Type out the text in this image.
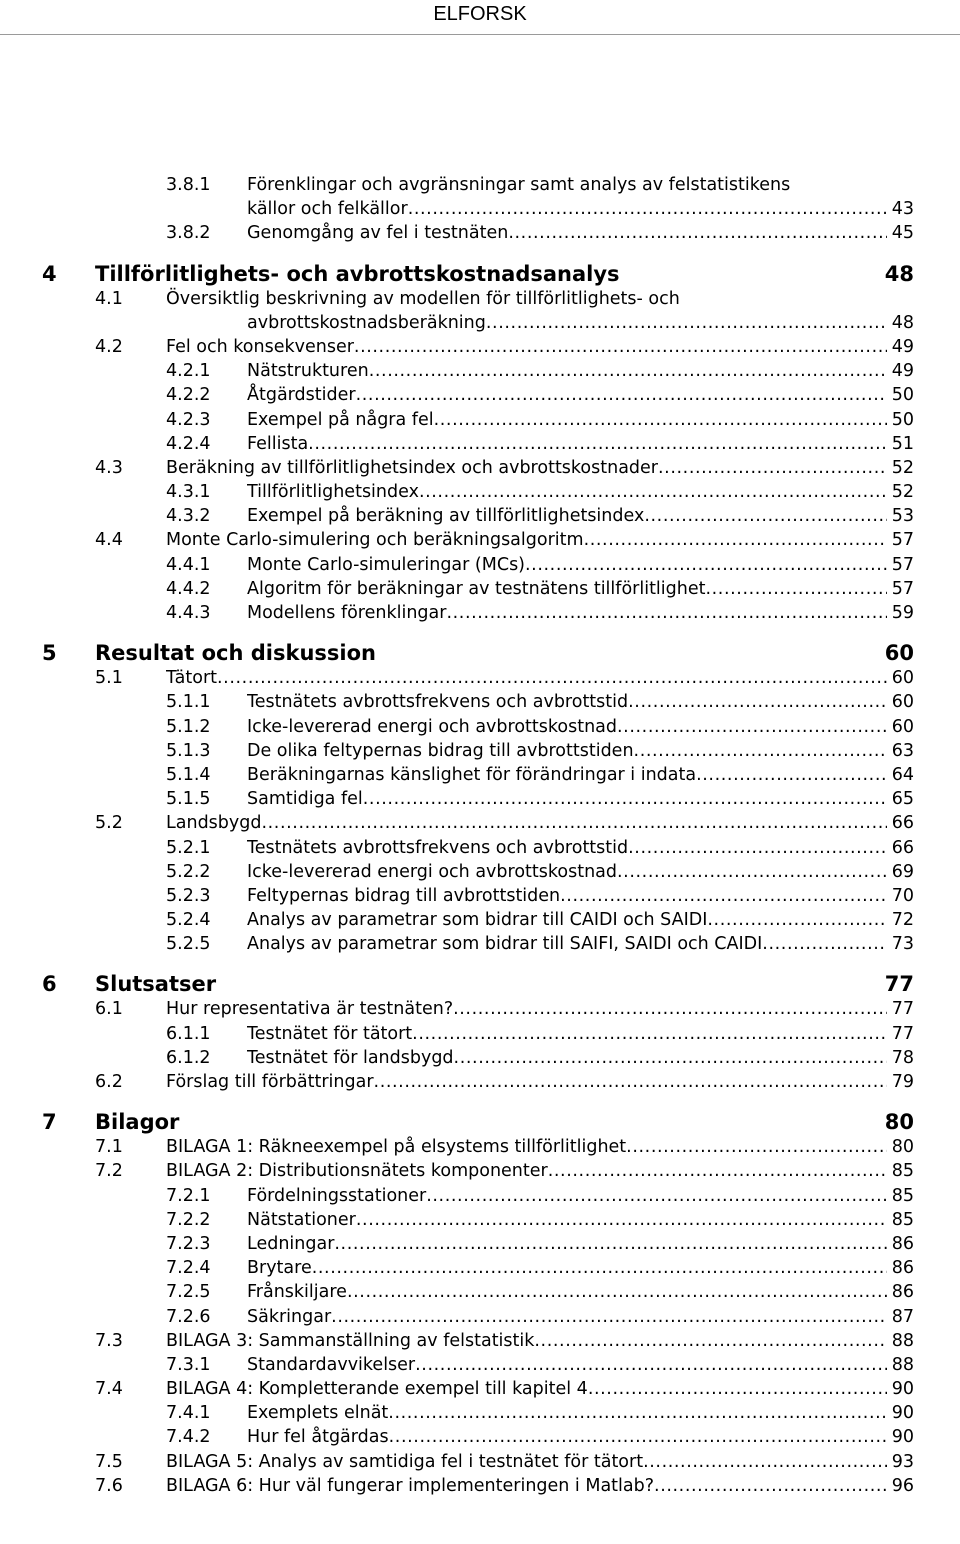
ELFORSK
3.8.1 Förenklingar och avgränsningar samt analys av felstatistikens
källor och felkällor .....	43
3.8.2 Genomgång av fel i testnäten .....	45
4 Tillförlitlighets- och avbrottskostnadsanalys	48
4.1 Översiktlig beskrivning av modellen för tillförlitlighets- och
avbrottskostnadsberäkning .....	48
4.2 Fel och konsekvenser .....	49
4.2.1 Nätstrukturen .....	49
4.2.2 Åtgärdstider .....	50
4.2.3 Exempel på några fel .....	50
4.2.4 Fellista .....	51
4.3 Beräkning av tillförlitlighetsindex och avbrottskostnader .....	52
4.3.1 Tillförlitlighetsindex .....	52
4.3.2 Exempel på beräkning av tillförlitlighetsindex .....	53
4.4 Monte Carlo-simulering och beräkningsalgoritm .....	57
4.4.1 Monte Carlo-simuleringar (MCs) .....	57
4.4.2 Algoritm för beräkningar av testnätens tillförlitlighet .....	57
4.4.3 Modellens förenklingar .....	59
5 Resultat och diskussion	60
5.1 Tätort .....	60
5.1.1 Testnätets avbrottsfrekvens och avbrottstid .....	60
5.1.2 Icke-levererad energi och avbrottskostnad .....	60
5.1.3 De olika feltypernas bidrag till avbrottstiden .....	63
5.1.4 Beräkningarnas känslighet för förändringar i indata .....	64
5.1.5 Samtidiga fel .....	65
5.2 Landsbygd .....	66
5.2.1 Testnätets avbrottsfrekvens och avbrottstid .....	66
5.2.2 Icke-levererad energi och avbrottskostnad .....	69
5.2.3 Feltypernas bidrag till avbrottstiden .....	70
5.2.4 Analys av parametrar som bidrar till CAIDI och SAIDI .....	72
5.2.5 Analys av parametrar som bidrar till SAIFI, SAIDI och CAIDI .....	73
6 Slutsatser	77
6.1 Hur representativa är testnäten? .....	77
6.1.1 Testnätet för tätort .....	77
6.1.2 Testnätet för landsbygd .....	78
6.2 Förslag till förbättringar .....	79
7 Bilagor	80
7.1 BILAGA 1: Räkneexempel på elsystems tillförlitlighet .....	80
7.2 BILAGA 2: Distributionsnätets komponenter .....	85
7.2.1 Fördelningsstationer .....	85
7.2.2 Nätstationer .....	85
7.2.3 Ledningar .....	86
7.2.4 Brytare .....	86
7.2.5 Frånskiljare .....	86
7.2.6 Säkringar .....	87
7.3 BILAGA 3: Sammanställning av felstatistik .....	88
7.3.1 Standardavvikelser .....	88
7.4 BILAGA 4: Kompletterande exempel till kapitel 4 .....	90
7.4.1 Exemplets elnät .....	90
7.4.2 Hur fel åtgärdas .....	90
7.5 BILAGA 5: Analys av samtidiga fel i testnätet för tätort .....	93
7.6 BILAGA 6: Hur väl fungerar implementeringen i Matlab? .....	96
